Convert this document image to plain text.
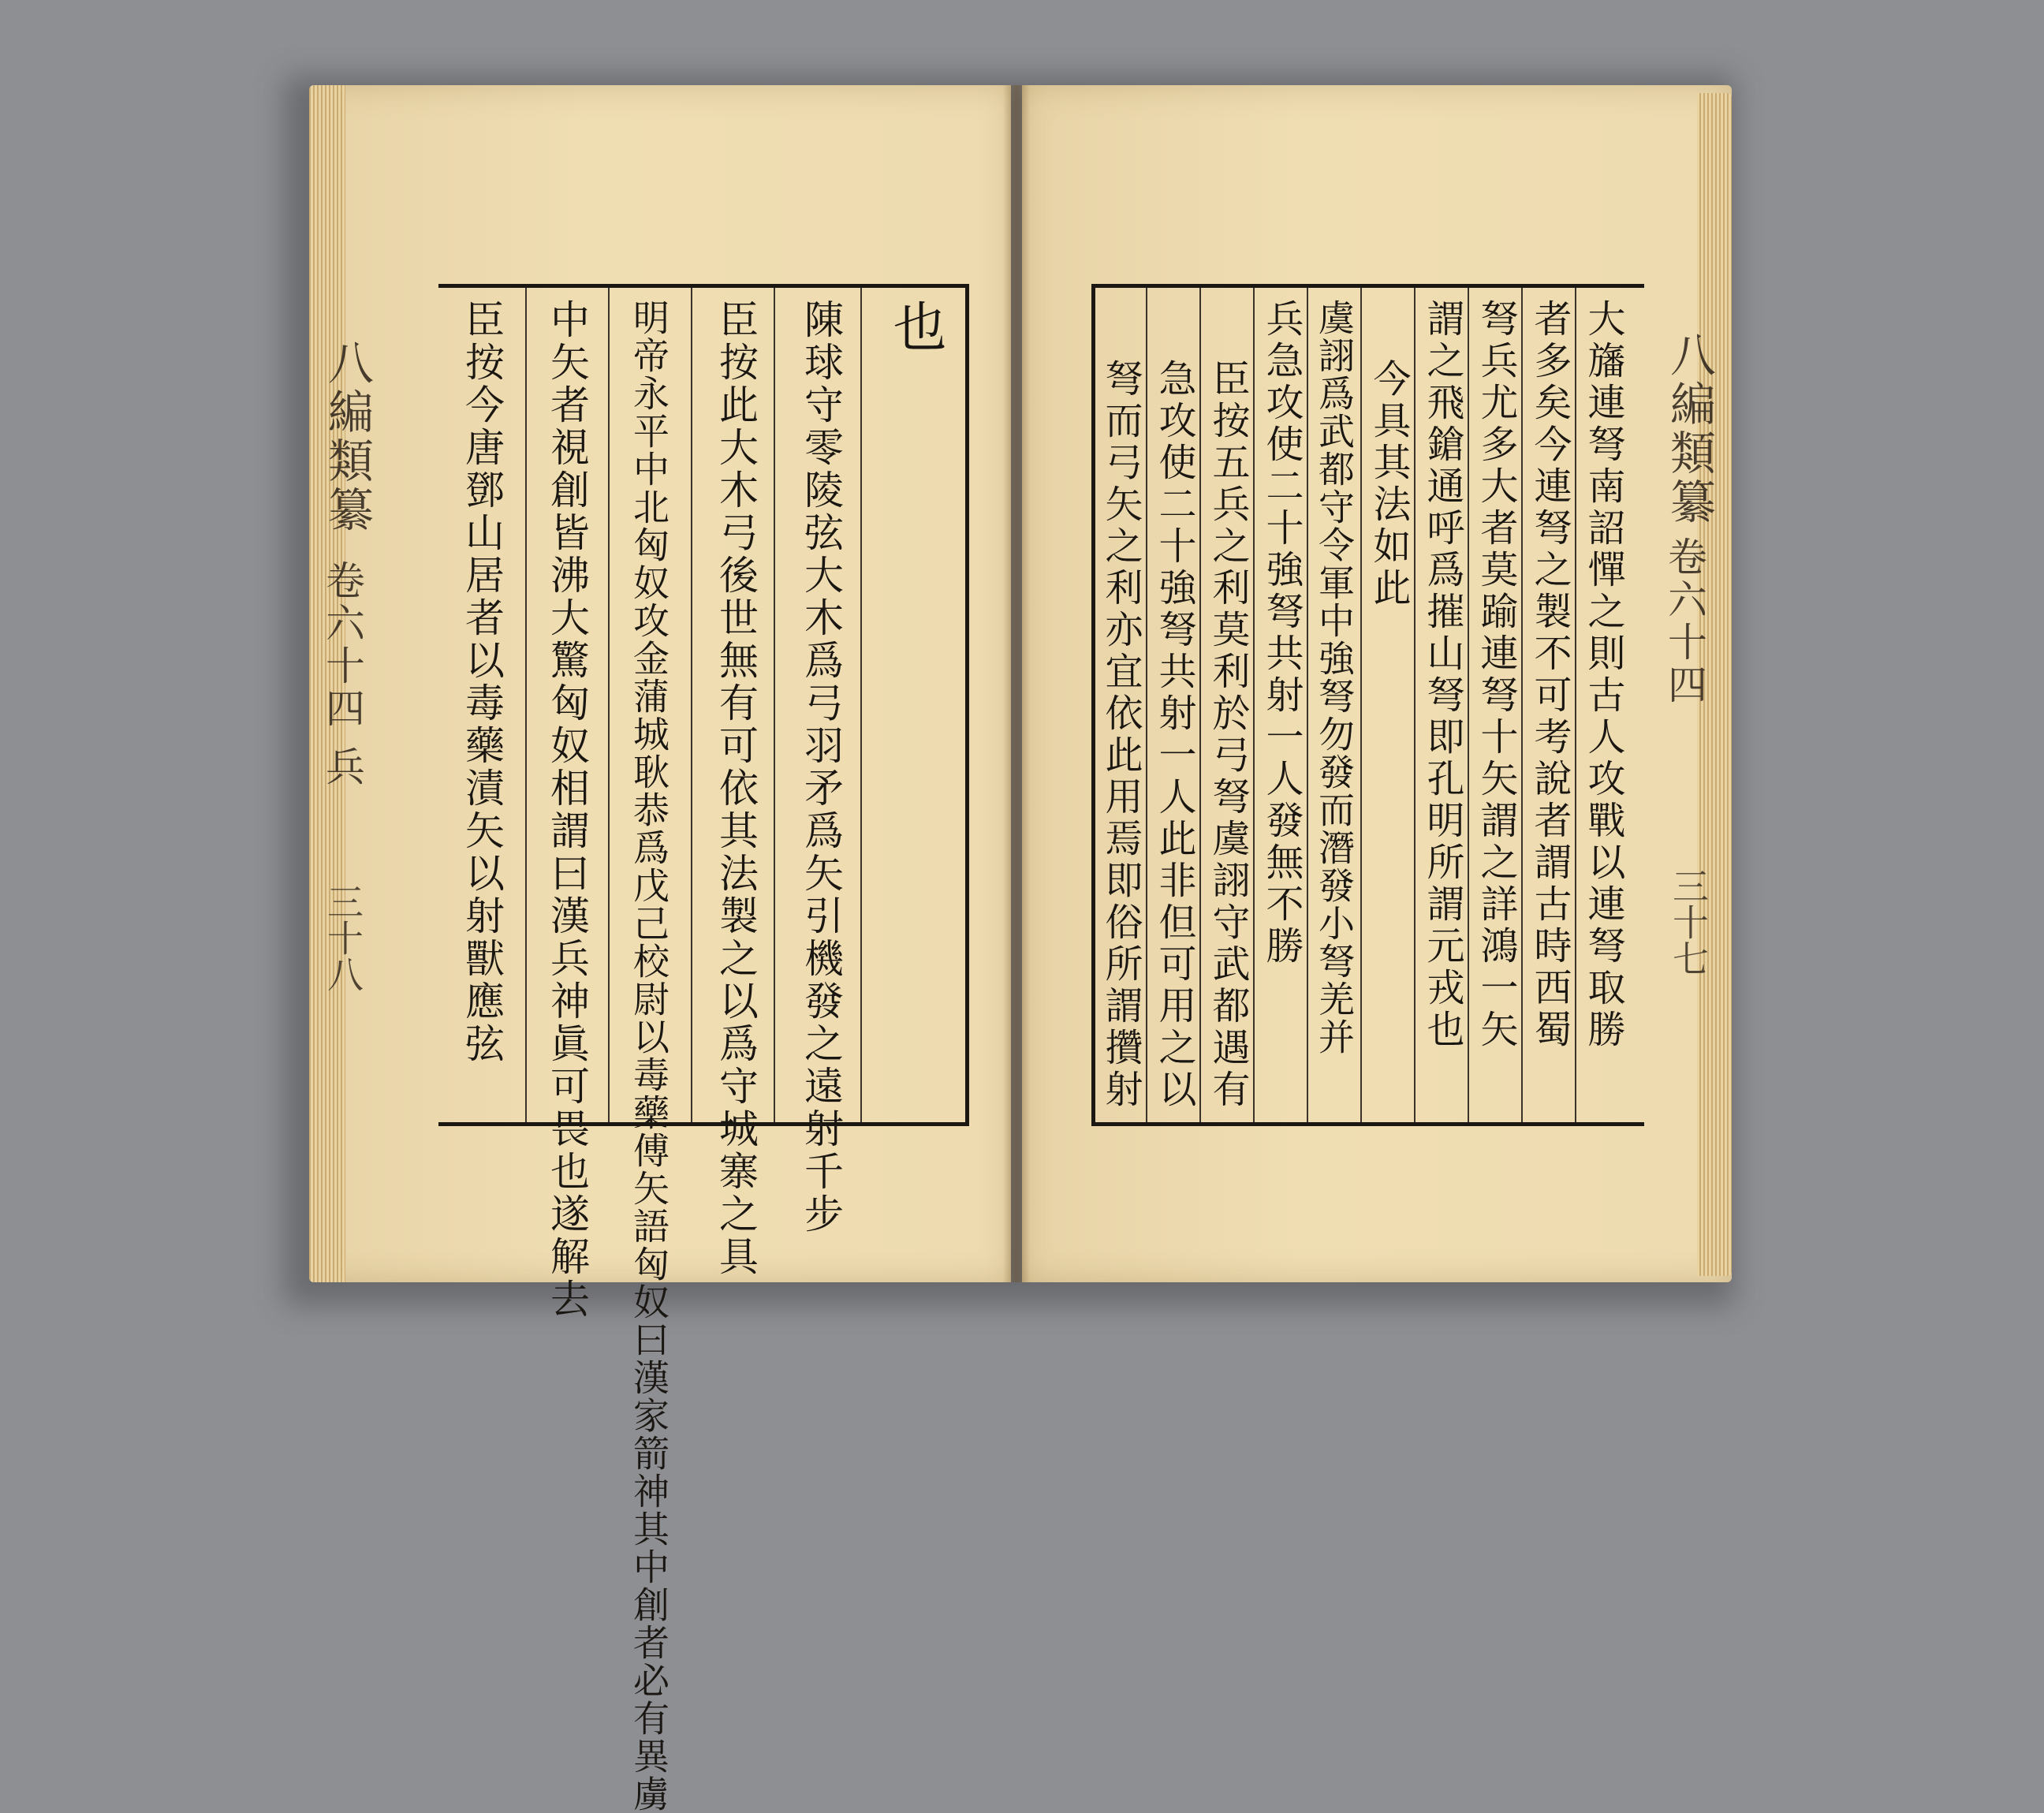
八編類纂
卷六十四 兵
三十八
也
陳球守零陵弦大木爲弓羽矛爲矢引機發之遠射千步
臣按此大木弓後世無有可依其法製之以爲守城寨之具
明帝永平中北匈奴攻金蒲城耿恭爲戊己校尉以毒藥傅矢語匈奴曰漢家箭神其中創者必有異虜
中矢者視創皆沸大驚匈奴相謂曰漢兵神眞可畏也遂解去
臣按今唐鄧山居者以毒藥漬矢以射獸應弦	八編類纂
卷六十四
三十七
大旛連弩南詔憚之則古人攻戰以連弩取勝
者多矣今連弩之製不可考說者謂古時西蜀
弩兵尤多大者莫踰連弩十矢謂之詳鴻一矢
謂之飛鎗通呼爲摧山弩即孔明所謂元戎也
今具其法如此
虞詡爲武都守令軍中強弩勿發而潛發小弩羌并
兵急攻使二十強弩共射一人發無不勝
臣按五兵之利莫利於弓弩虞詡守武都遇有
急攻使二十強弩共射一人此非但可用之以
弩而弓矢之利亦宜依此用焉即俗所謂攢射
